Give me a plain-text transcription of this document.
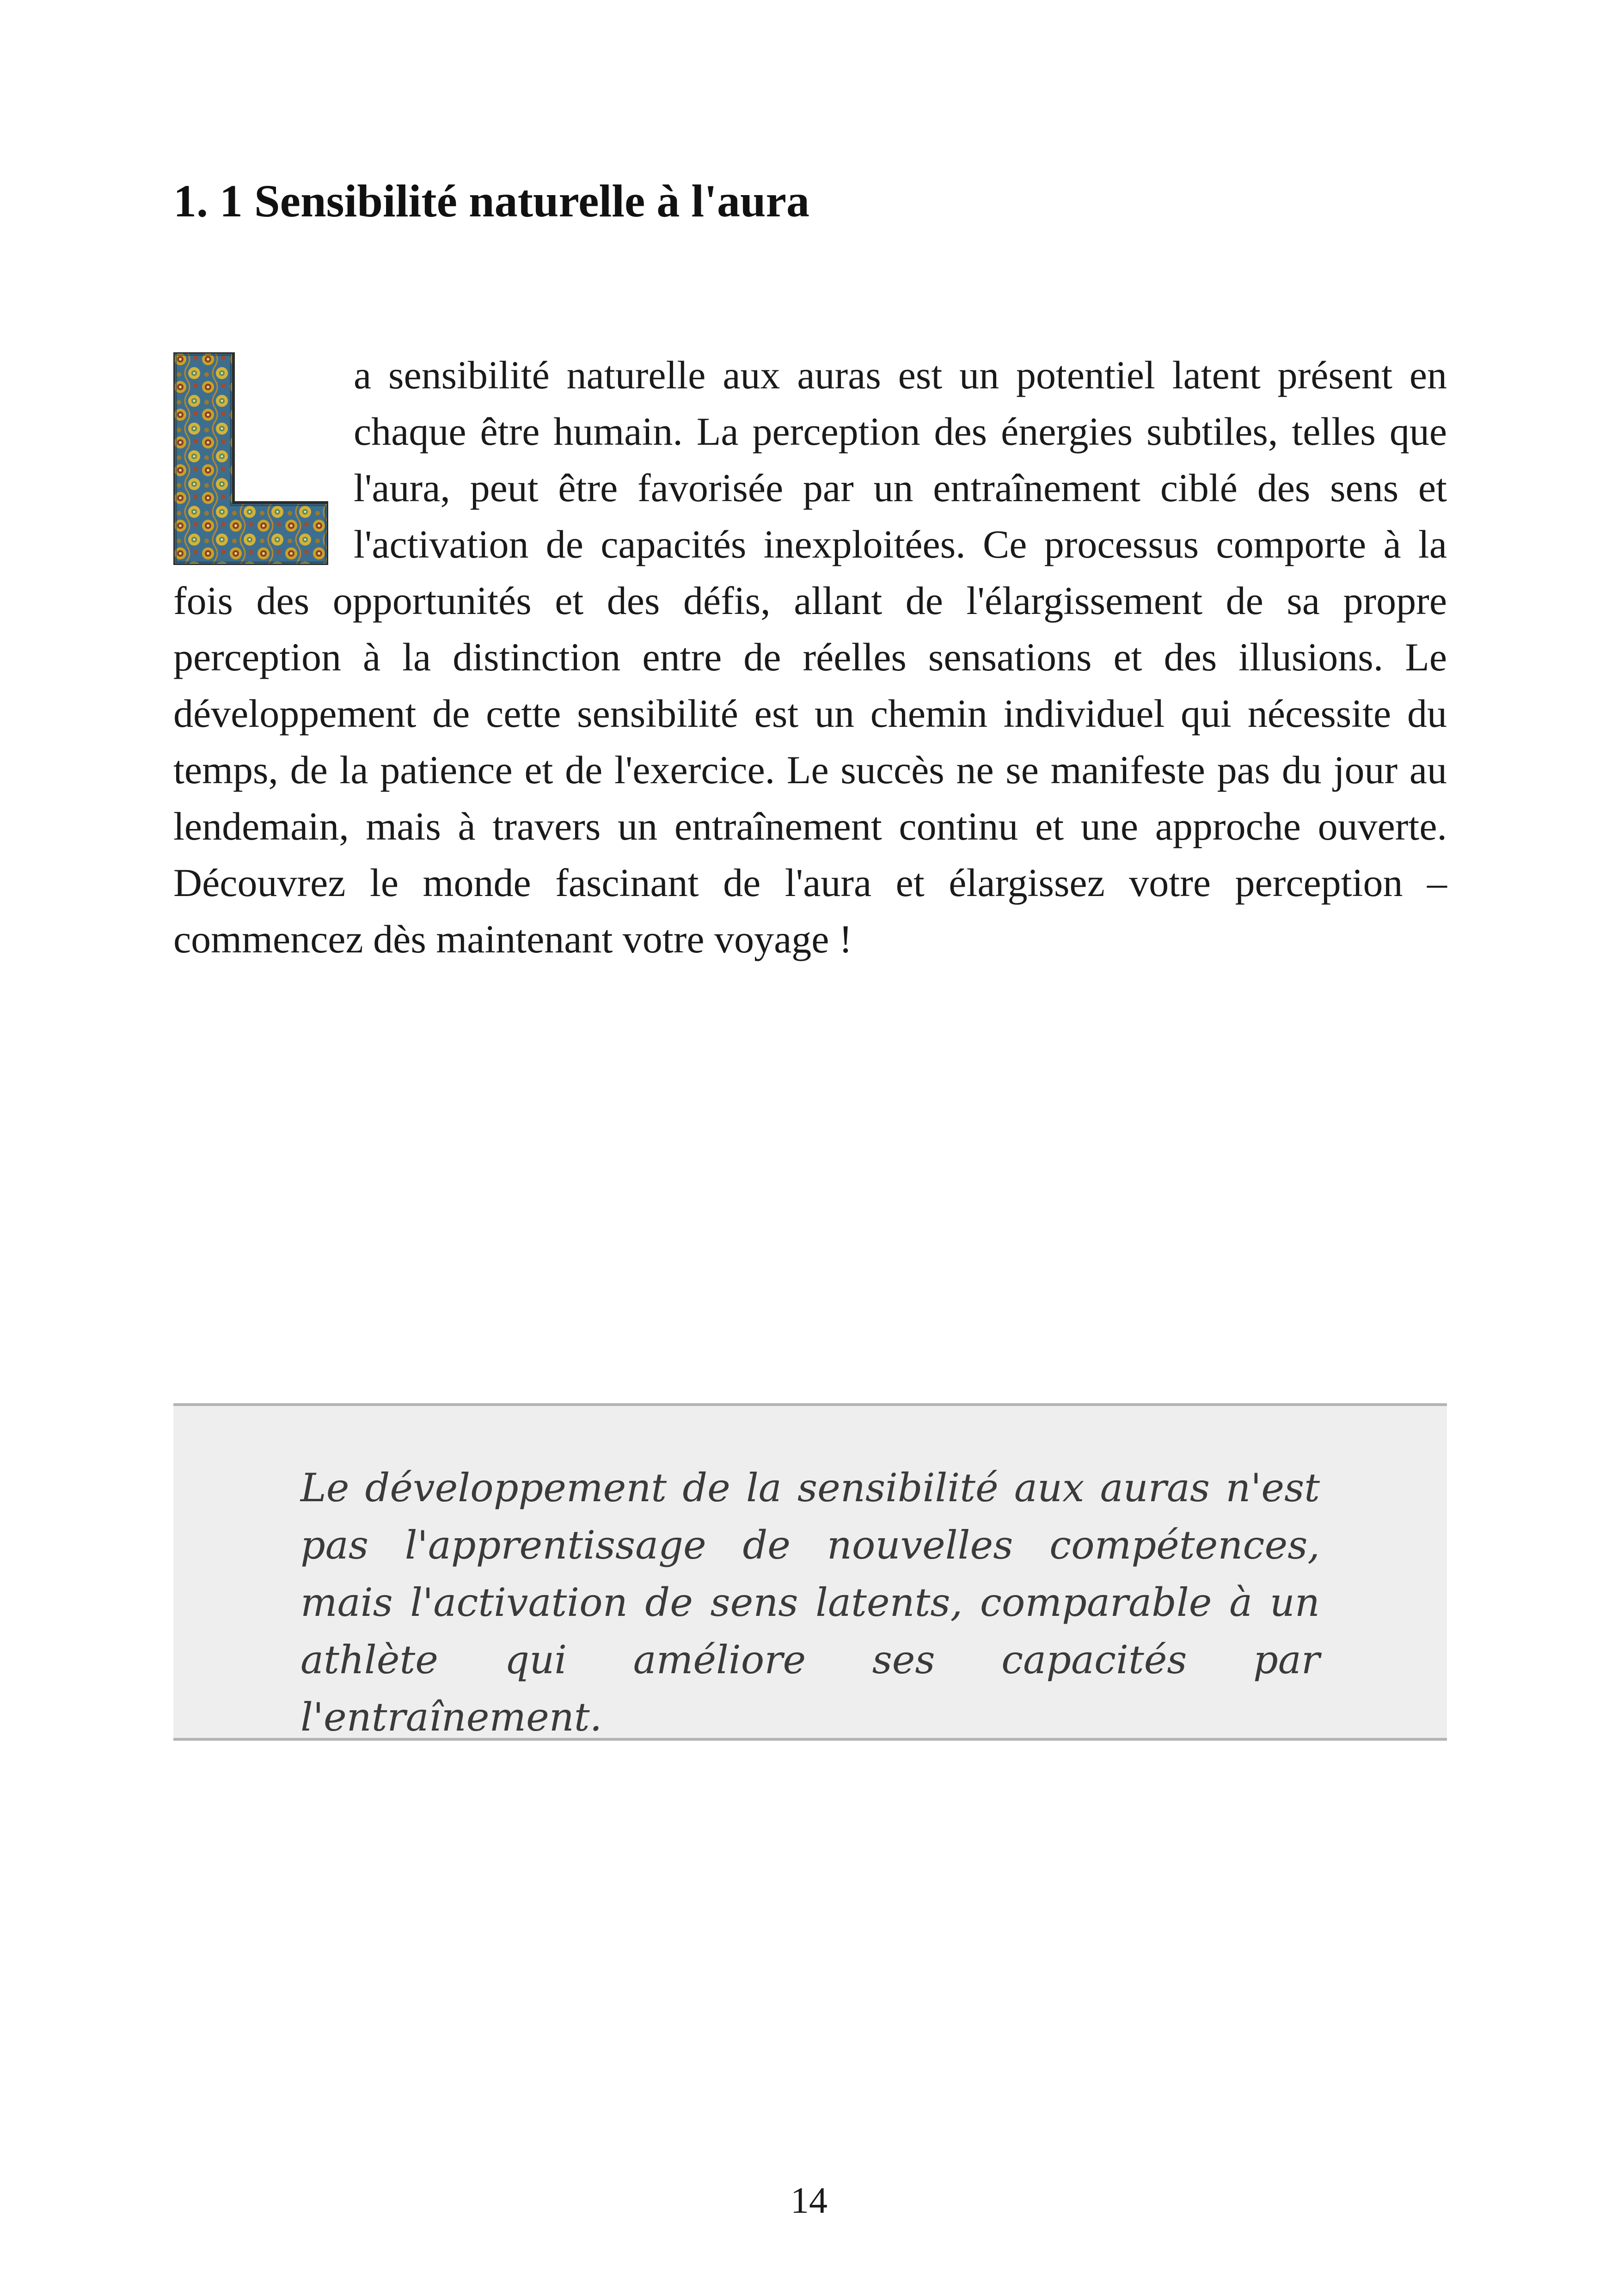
1. 1 Sensibilité naturelle à l'aura
a sensibilité naturelle aux auras est un potentiel latent présent en chaque être humain. La perception des énergies subtiles, telles que l'aura, peut être favorisée par un entraînement ciblé des sens et l'activation de capacités inexploitées. Ce processus comporte à la fois des opportunités et des défis, allant de l'élargissement de sa propre perception à la distinction entre de réelles sensations et des illusions. Le développement de cette sensibilité est un chemin individuel qui nécessite du temps, de la patience et de l'exercice. Le succès ne se manifeste pas du jour au lendemain, mais à travers un entraînement continu et une approche ouverte. Découvrez le monde fascinant de l'aura et élargissez votre perception – commencez dès maintenant votre voyage !

Le développement de la sensibilité aux auras n'est pas l'apprentissage de nouvelles compétences, mais l'activation de sens latents, comparable à un athlète qui améliore ses capacités par l'entraînement.

14
